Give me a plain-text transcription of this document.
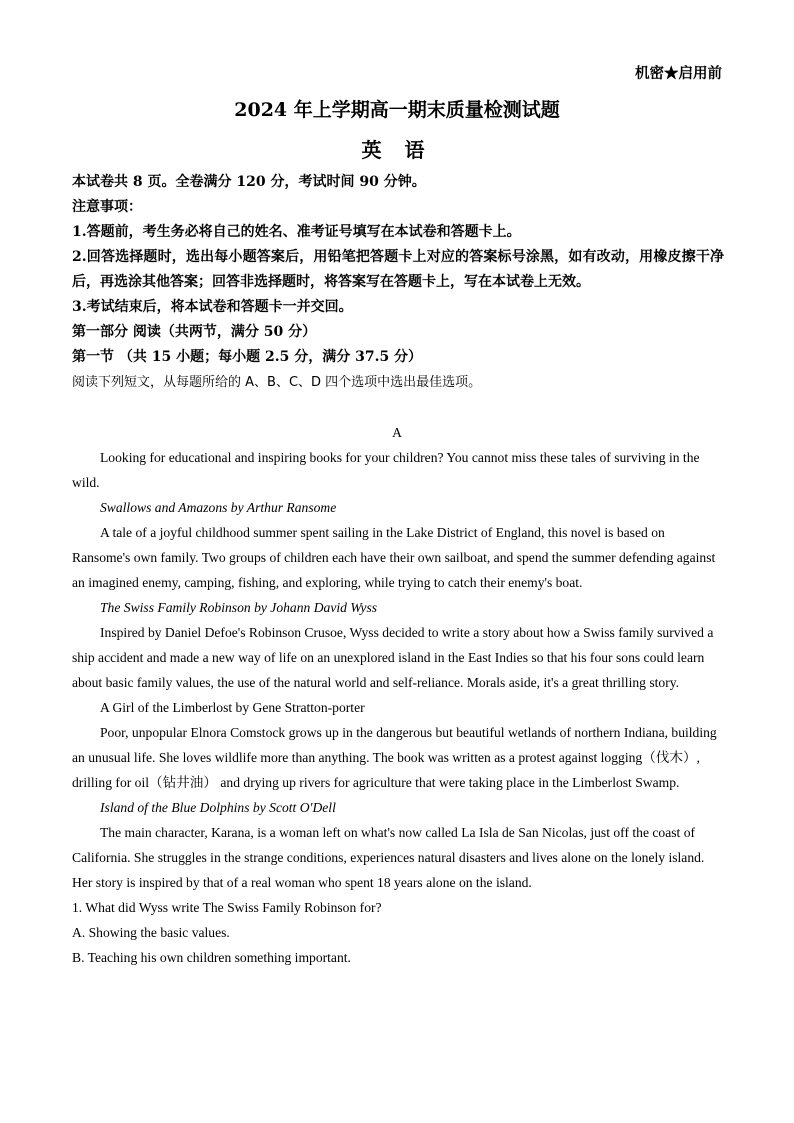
机密★启用前
2024 年上学期高一期末质量检测试题
英 语
本试卷共 8 页。全卷满分 120 分，考试时间 90 分钟。
注意事项：
1.答题前，考生务必将自己的姓名、准考证号填写在本试卷和答题卡上。
2.回答选择题时，选出每小题答案后，用铅笔把答题卡上对应的答案标号涂黑，如有改动，用橡皮擦干净后，再选涂其他答案；回答非选择题时，将答案写在答题卡上，写在本试卷上无效。
3.考试结束后，将本试卷和答题卡一并交回。
第一部分 阅读（共两节，满分 50 分）
第一节 （共 15 小题；每小题 2.5 分，满分 37.5 分）
阅读下列短文，从每题所给的 A、B、C、D 四个选项中选出最佳选项。
A
Looking for educational and inspiring books for your children? You cannot miss these tales of surviving in the wild.
Swallows and Amazons by Arthur Ransome
A tale of a joyful childhood summer spent sailing in the Lake District of England, this novel is based on Ransome's own family. Two groups of children each have their own sailboat, and spend the summer defending against an imagined enemy, camping, fishing, and exploring, while trying to catch their enemy's boat.
The Swiss Family Robinson by Johann David Wyss
Inspired by Daniel Defoe's Robinson Crusoe, Wyss decided to write a story about how a Swiss family survived a ship accident and made a new way of life on an unexplored island in the East Indies so that his four sons could learn about basic family values, the use of the natural world and self-reliance. Morals aside, it's a great thrilling story.
A Girl of the Limberlost by Gene Stratton-porter
Poor, unpopular Elnora Comstock grows up in the dangerous but beautiful wetlands of northern Indiana, building an unusual life. She loves wildlife more than anything. The book was written as a protest against logging（伐木）, drilling for oil（钻井油） and drying up rivers for agriculture that were taking place in the Limberlost Swamp.
Island of the Blue Dolphins by Scott O'Dell
The main character, Karana, is a woman left on what's now called La Isla de San Nicolas, just off the coast of California. She struggles in the strange conditions, experiences natural disasters and lives alone on the lonely island. Her story is inspired by that of a real woman who spent 18 years alone on the island.
1. What did Wyss write The Swiss Family Robinson for?
A. Showing the basic values.
B. Teaching his own children something important.
